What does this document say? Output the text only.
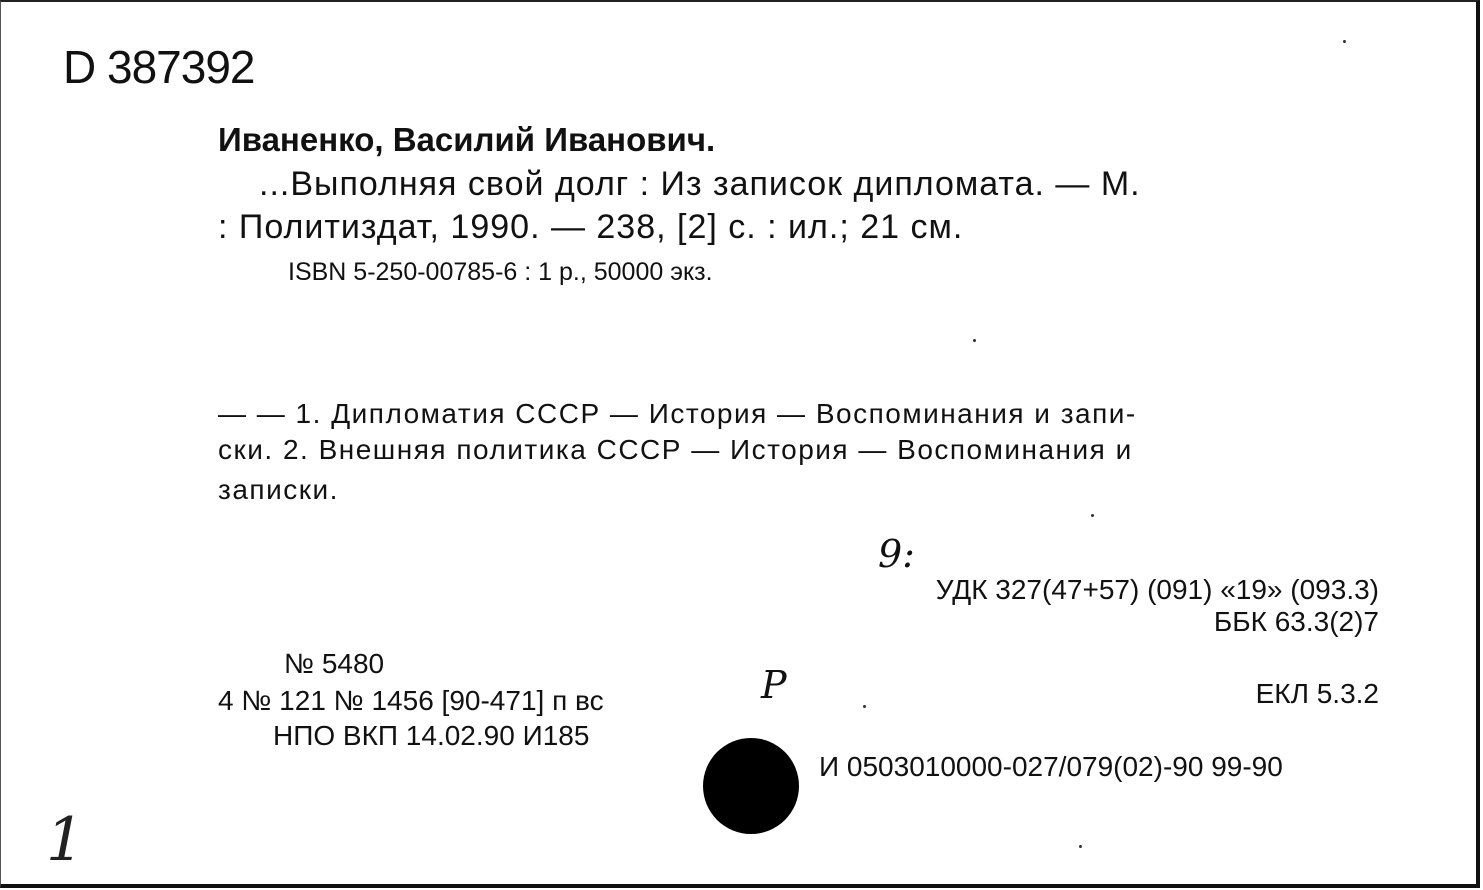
D 387392
Иваненко, Василий Иванович.
...Выполняя свой долг : Из записок дипломата. — М.
: Политиздат, 1990. — 238, [2] с. : ил.; 21 см.
ISBN 5-250-00785-6 : 1 р., 50000 экз.
— — 1. Дипломатия СССР — История — Воспоминания и запи-
ски. 2. Внешняя политика СССР — История — Воспоминания и
записки.
9:
УДК 327(47+57) (091) «19» (093.3)
ББК 63.3(2)7
ЕКЛ 5.3.2
№ 5480
4 № 121 № 1456 [90-471] п вс	Р
НПО ВКП 14.02.90 И185
И 0503010000-027/079(02)-90 99-90
1
